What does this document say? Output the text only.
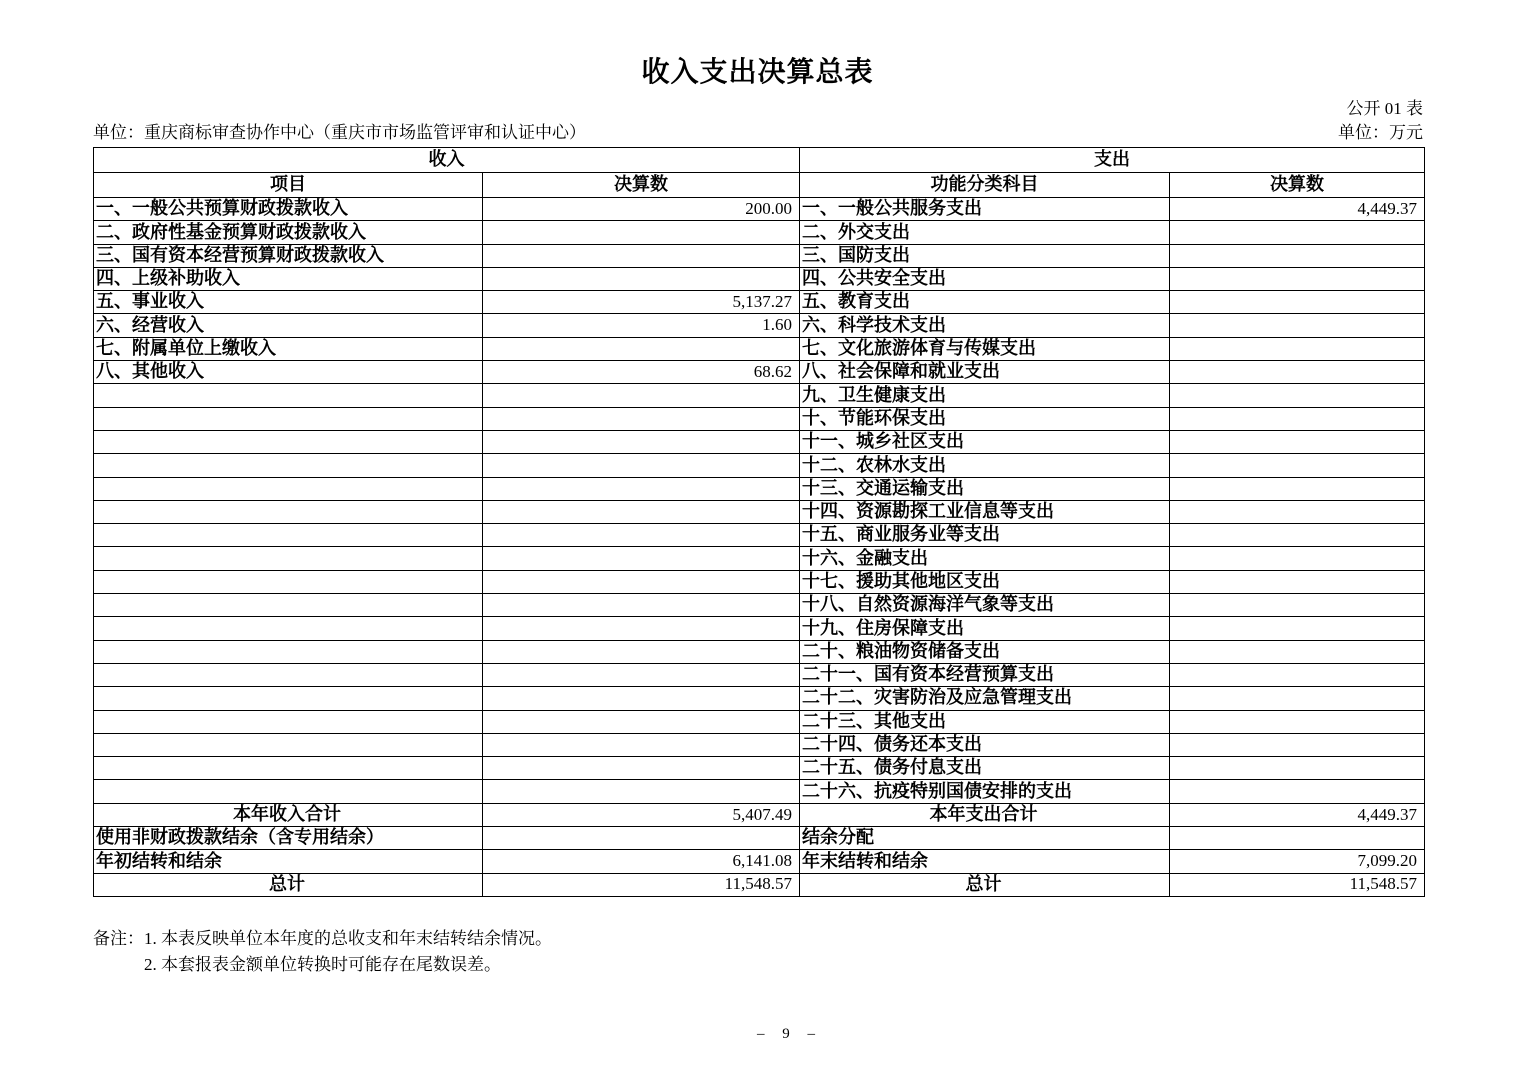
收入支出决算总表
公开 01 表
单位：重庆商标审查协作中心（重庆市市场监管评审和认证中心）	单位：万元
收入		支出	
项目	决算数	功能分类科目	决算数
一、一般公共预算财政拨款收入	200.00	一、一般公共服务支出	4,449.37
二、政府性基金预算财政拨款收入		二、外交支出	
三、国有资本经营预算财政拨款收入		三、国防支出	
四、上级补助收入		四、公共安全支出	
五、事业收入	5,137.27	五、教育支出	
六、经营收入	1.60	六、科学技术支出	
七、附属单位上缴收入		七、文化旅游体育与传媒支出	
八、其他收入	68.62	八、社会保障和就业支出	
		九、卫生健康支出	
		十、节能环保支出	
		十一、城乡社区支出	
		十二、农林水支出	
		十三、交通运输支出	
		十四、资源勘探工业信息等支出	
		十五、商业服务业等支出	
		十六、金融支出	
		十七、援助其他地区支出	
		十八、自然资源海洋气象等支出	
		十九、住房保障支出	
		二十、粮油物资储备支出	
		二十一、国有资本经营预算支出	
		二十二、灾害防治及应急管理支出	
		二十三、其他支出	
		二十四、债务还本支出	
		二十五、债务付息支出	
		二十六、抗疫特别国债安排的支出	
本年收入合计	5,407.49	本年支出合计	4,449.37
使用非财政拨款结余（含专用结余）		结余分配	
年初结转和结余	6,141.08	年末结转和结余	7,099.20
总计	11,548.57	总计	11,548.57
备注： 1. 本表反映单位本年度的总收支和年末结转结余情况。
2. 本套报表金额单位转换时可能存在尾数误差。
– 9 –
